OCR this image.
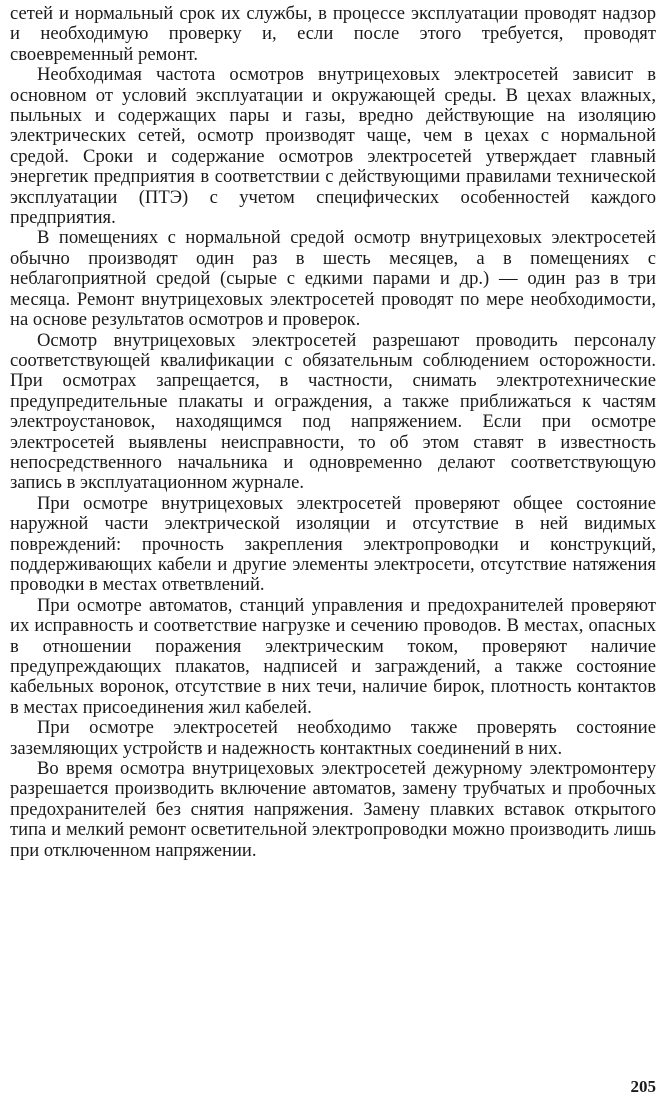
сетей и нормальный срок их службы, в процессе эксплуатации проводят надзор и необходимую проверку и, если после этого требуется, проводят своевременный ремонт.

Необходимая частота осмотров внутрицеховых электросетей зависит в основном от условий эксплуатации и окружающей среды. В цехах влажных, пыльных и содержащих пары и газы, вредно действующие на изоляцию электрических сетей, осмотр производят чаще, чем в цехах с нормальной средой. Сроки и содержание осмотров электросетей утверждает главный энергетик предприятия в соответствии с действующими правилами технической эксплуатации (ПТЭ) с учетом специфических особенностей каждого предприятия.

В помещениях с нормальной средой осмотр внутрицеховых электросетей обычно производят один раз в шесть месяцев, а в помещениях с неблагоприятной средой (сырые с едкими парами и др.) — один раз в три месяца. Ремонт внутрицеховых электросетей проводят по мере необходимости, на основе результатов осмотров и проверок.

Осмотр внутрицеховых электросетей разрешают проводить персоналу соответствующей квалификации с обязательным соблюдением осторожности. При осмотрах запрещается, в частности, снимать электротехнические предупредительные плакаты и ограждения, а также приближаться к частям электроустановок, находящимся под напряжением. Если при осмотре электросетей выявлены неисправности, то об этом ставят в известность непосредственного начальника и одновременно делают соответствующую запись в эксплуатационном журнале.

При осмотре внутрицеховых электросетей проверяют общее состояние наружной части электрической изоляции и отсутствие в ней видимых повреждений: прочность закрепления электропроводки и конструкций, поддерживающих кабели и другие элементы электросети, отсутствие натяжения проводки в местах ответвлений.

При осмотре автоматов, станций управления и предохранителей проверяют их исправность и соответствие нагрузке и сечению проводов. В местах, опасных в отношении поражения электрическим током, проверяют наличие предупреждающих плакатов, надписей и заграждений, а также состояние кабельных воронок, отсутствие в них течи, наличие бирок, плотность контактов в местах присоединения жил кабелей.

При осмотре электросетей необходимо также проверять состояние заземляющих устройств и надежность контактных соединений в них.

Во время осмотра внутрицеховых электросетей дежурному электромонтеру разрешается производить включение автоматов, замену трубчатых и пробочных предохранителей без снятия напряжения. Замену плавких вставок открытого типа и мелкий ремонт осветительной электропроводки можно производить лишь при отключенном напряжении.

205
